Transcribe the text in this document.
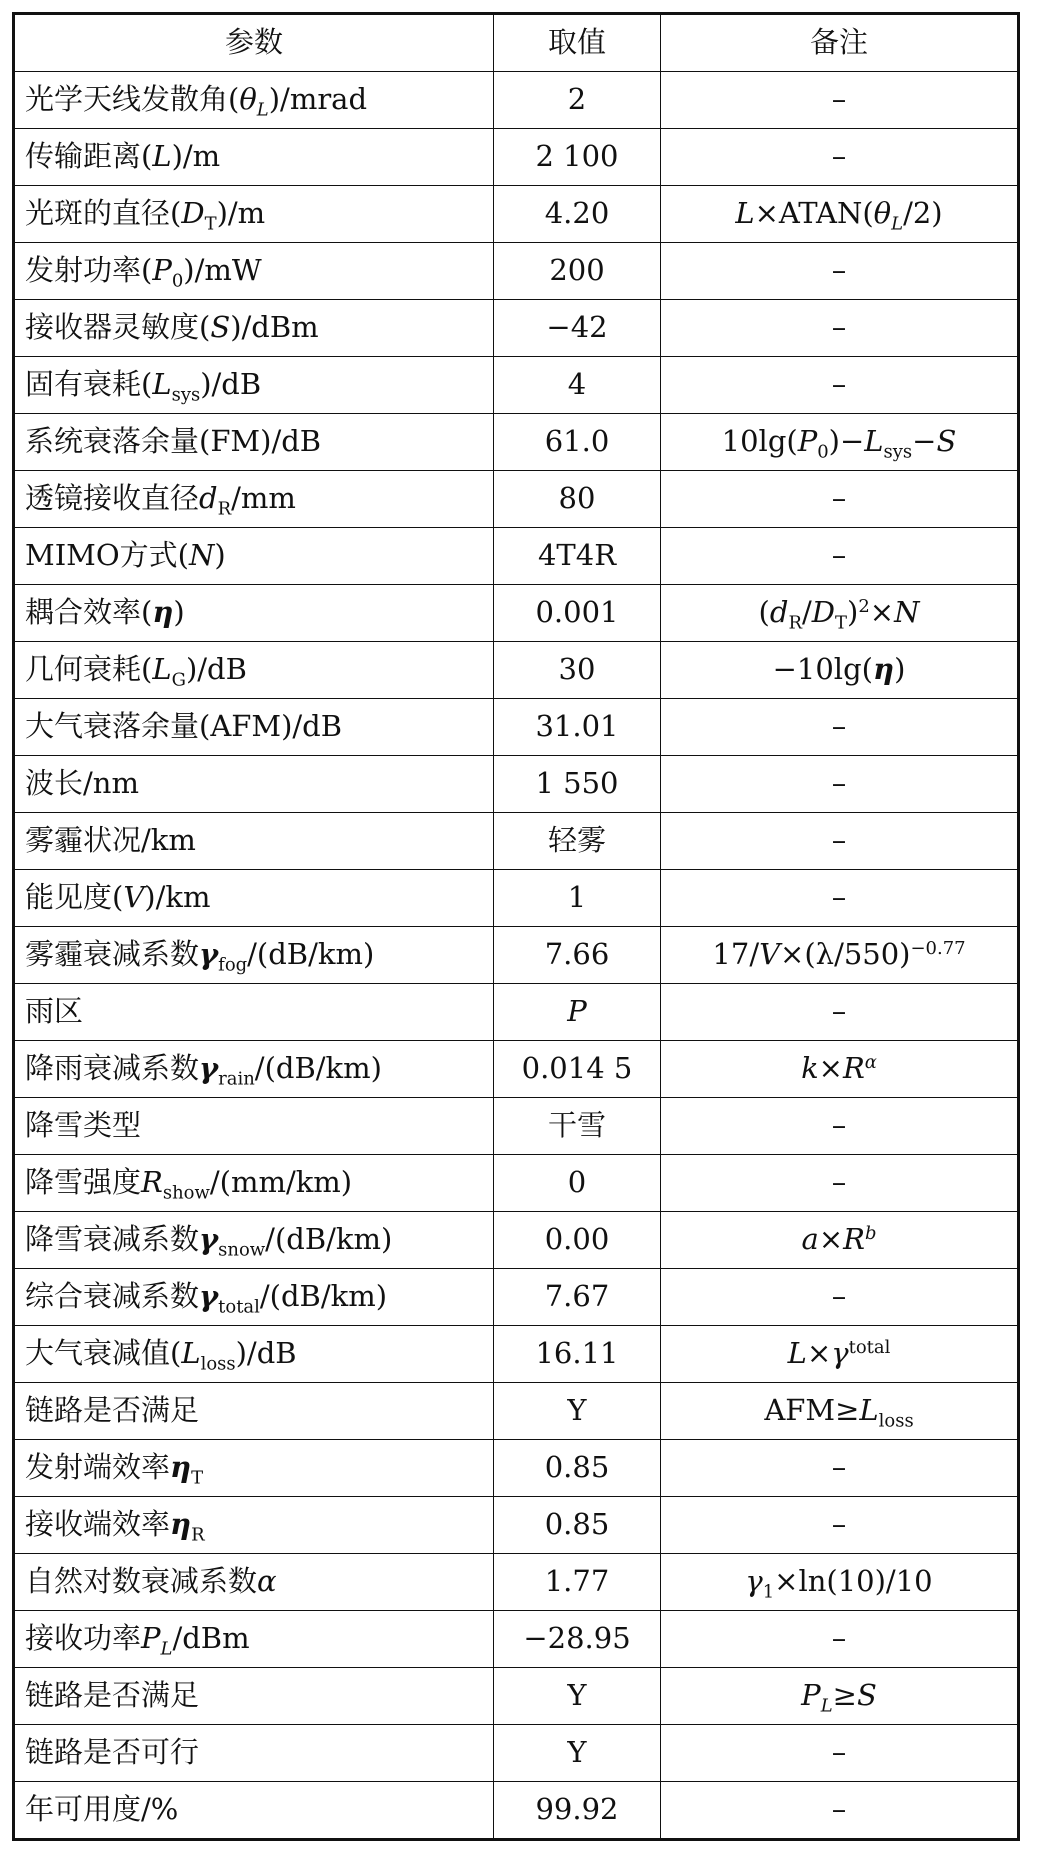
参数	取值	备注
光学天线发散角$(\theta_L)$/mrad	2	–
传输距离(L)/m	2 100	–
光斑的直径$(D_T)/m$	4.20	$L\times ATAN(\theta_L/2)$
发射功率$(P_0)/mW$	200	–
接收器灵敏度(S)/dBm	−42	–
固有衰耗$(L_{sys})/dB$	4	–
系统衰落余量(FM)/dB	61.0	$10\lg(P_0)-L_{sys}-S$
透镜接收直径$d_R/mm$	80	–
MIMO方式(N)	4T4R	–
耦合效率(η)	0.001	$(d_R/D_T)^2\times N$
几何衰耗$(L_G)/dB$	30	−10lg(η)
大气衰落余量(AFM)/dB	31.01	–
波长/nm	1 550	–
雾霾状况/km	轻雾	–
能见度(V)/km	1	–
雾霾衰减系数$\gamma_{fog}/(dB/km)$	7.66	$17/V\times(\lambda/550)^{-0.77}$
雨区	P	–
降雨衰减系数$\gamma_{rain}/(dB/km)$	0.014 5	$k\times R^\alpha$
降雪类型	干雪	–
降雪强度$R_{show}/(mm/km)$	0	–
降雪衰减系数$\gamma_{snow}/(dB/km)$	0.00	$a\times R^b$
综合衰减系数$\gamma_{total}/(dB/km)$	7.67	–
大气衰减值$(L_{loss})/dB$	16.11	$L\times\gamma^{total}$
链路是否满足	Y	$AFM\ge L_{loss}$
发射端效率$\eta_T$	0.85	–
接收端效率$\eta_R$	0.85	–
自然对数衰减系数α	1.77	$\gamma_1\times\ln(10)/10$
接收功率$P_L$/dBm	−28.95	–
链路是否满足	Y	$P_L\ge S$
链路是否可行	Y	–
年可用度/%	99.92	–
